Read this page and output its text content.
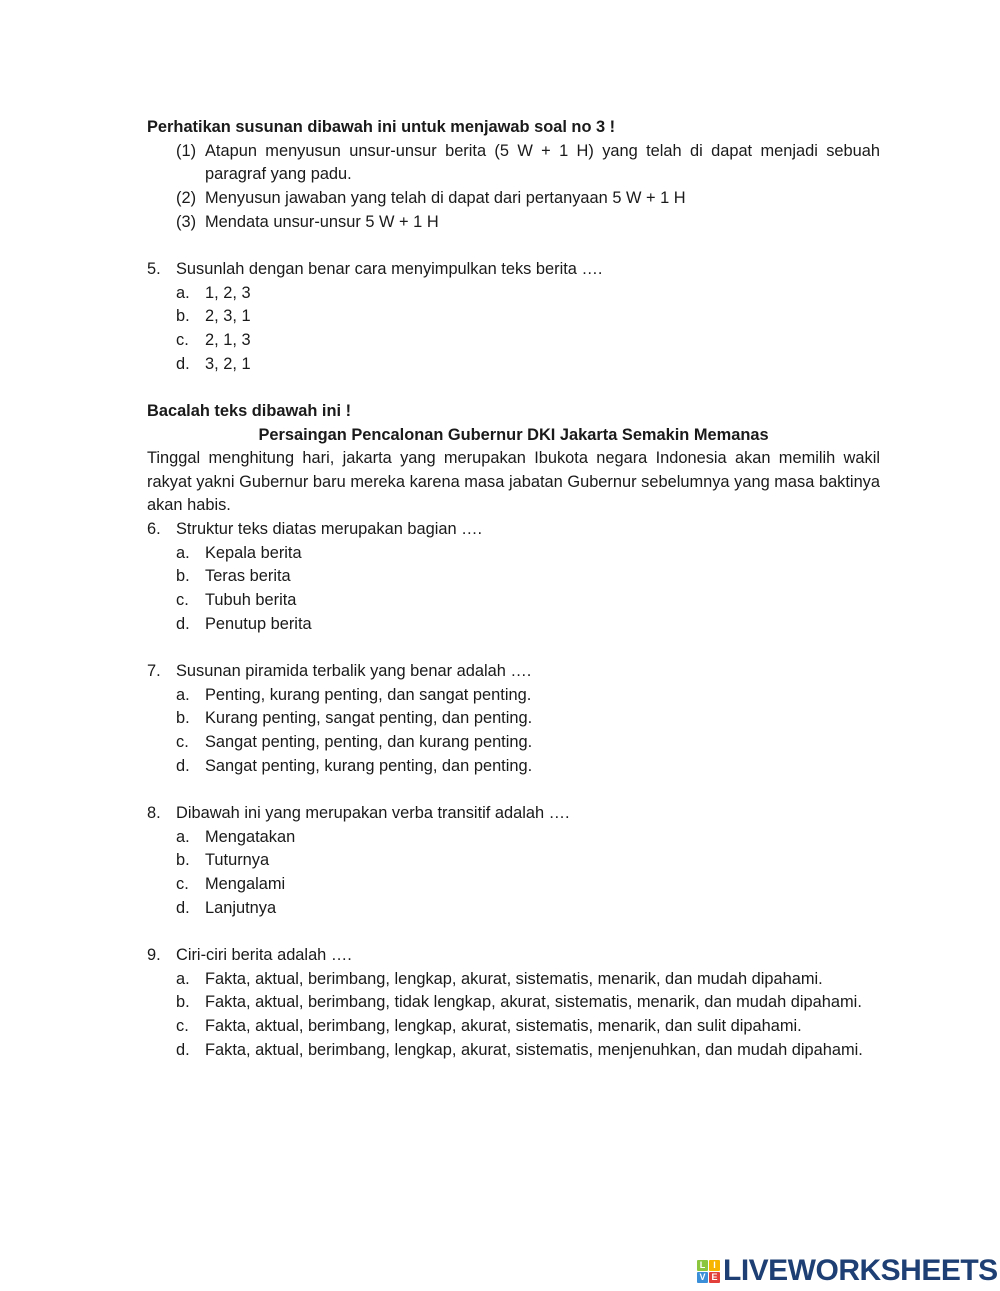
Perhatikan susunan dibawah ini untuk menjawab soal no 3 !
(1) Atapun menyusun unsur-unsur berita (5 W + 1 H) yang telah di dapat menjadi sebuah paragraf yang padu.
(2) Menyusun jawaban yang telah di dapat dari pertanyaan 5 W + 1 H
(3) Mendata unsur-unsur 5 W + 1 H
5. Susunlah dengan benar cara menyimpulkan teks berita ….
a. 1, 2, 3
b. 2, 3, 1
c. 2, 1, 3
d. 3, 2, 1
Bacalah teks dibawah ini !
Persaingan Pencalonan Gubernur DKI Jakarta Semakin Memanas
Tinggal menghitung hari, jakarta yang merupakan Ibukota negara Indonesia akan memilih wakil rakyat yakni Gubernur baru mereka karena masa jabatan Gubernur sebelumnya yang masa baktinya akan habis.
6. Struktur teks diatas merupakan bagian ….
a. Kepala berita
b. Teras berita
c. Tubuh berita
d. Penutup berita
7. Susunan piramida terbalik yang benar adalah ….
a. Penting, kurang penting, dan sangat penting.
b. Kurang penting, sangat penting, dan penting.
c. Sangat penting, penting, dan kurang penting.
d. Sangat penting, kurang penting, dan penting.
8. Dibawah ini yang merupakan verba transitif adalah ….
a. Mengatakan
b. Tuturnya
c. Mengalami
d. Lanjutnya
9. Ciri-ciri berita adalah ….
a. Fakta, aktual, berimbang, lengkap, akurat, sistematis, menarik, dan mudah dipahami.
b. Fakta, aktual, berimbang, tidak lengkap, akurat, sistematis, menarik, dan mudah dipahami.
c. Fakta, aktual, berimbang, lengkap, akurat, sistematis, menarik, dan sulit dipahami.
d. Fakta, aktual, berimbang, lengkap, akurat, sistematis, menjenuhkan, dan mudah dipahami.
L I
V E LIVEWORKSHEETS
